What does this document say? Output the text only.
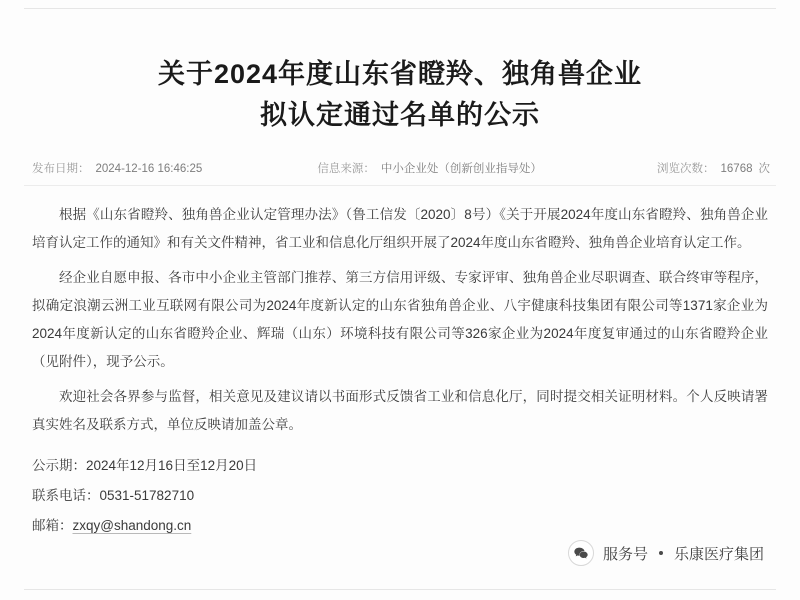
关于2024年度山东省瞪羚、独角兽企业
拟认定通过名单的公示
发布日期： 2024-12-16 16:46:25	信息来源： 中小企业处（创新创业指导处）	浏览次数： 16768 次

根据《山东省瞪羚、独角兽企业认定管理办法》（鲁工信发〔2020〕8号）《关于开展2024年度山东省瞪羚、独角兽企业培育认定工作的通知》和有关文件精神，省工业和信息化厅组织开展了2024年度山东省瞪羚、独角兽企业培育认定工作。

经企业自愿申报、各市中小企业主管部门推荐、第三方信用评级、专家评审、独角兽企业尽职调查、联合终审等程序，拟确定浪潮云洲工业互联网有限公司为2024年度新认定的山东省独角兽企业、八宇健康科技集团有限公司等1371家企业为2024年度新认定的山东省瞪羚企业、辉瑞（山东）环境科技有限公司等326家企业为2024年度复审通过的山东省瞪羚企业（见附件），现予公示。

欢迎社会各界参与监督，相关意见及建议请以书面形式反馈省工业和信息化厅，同时提交相关证明材料。个人反映请署真实姓名及联系方式，单位反映请加盖公章。

公示期：2024年12月16日至12月20日

联系电话：0531-51782710

邮箱：zxqy@shandong.cn

服务号 乐康医疗集团
